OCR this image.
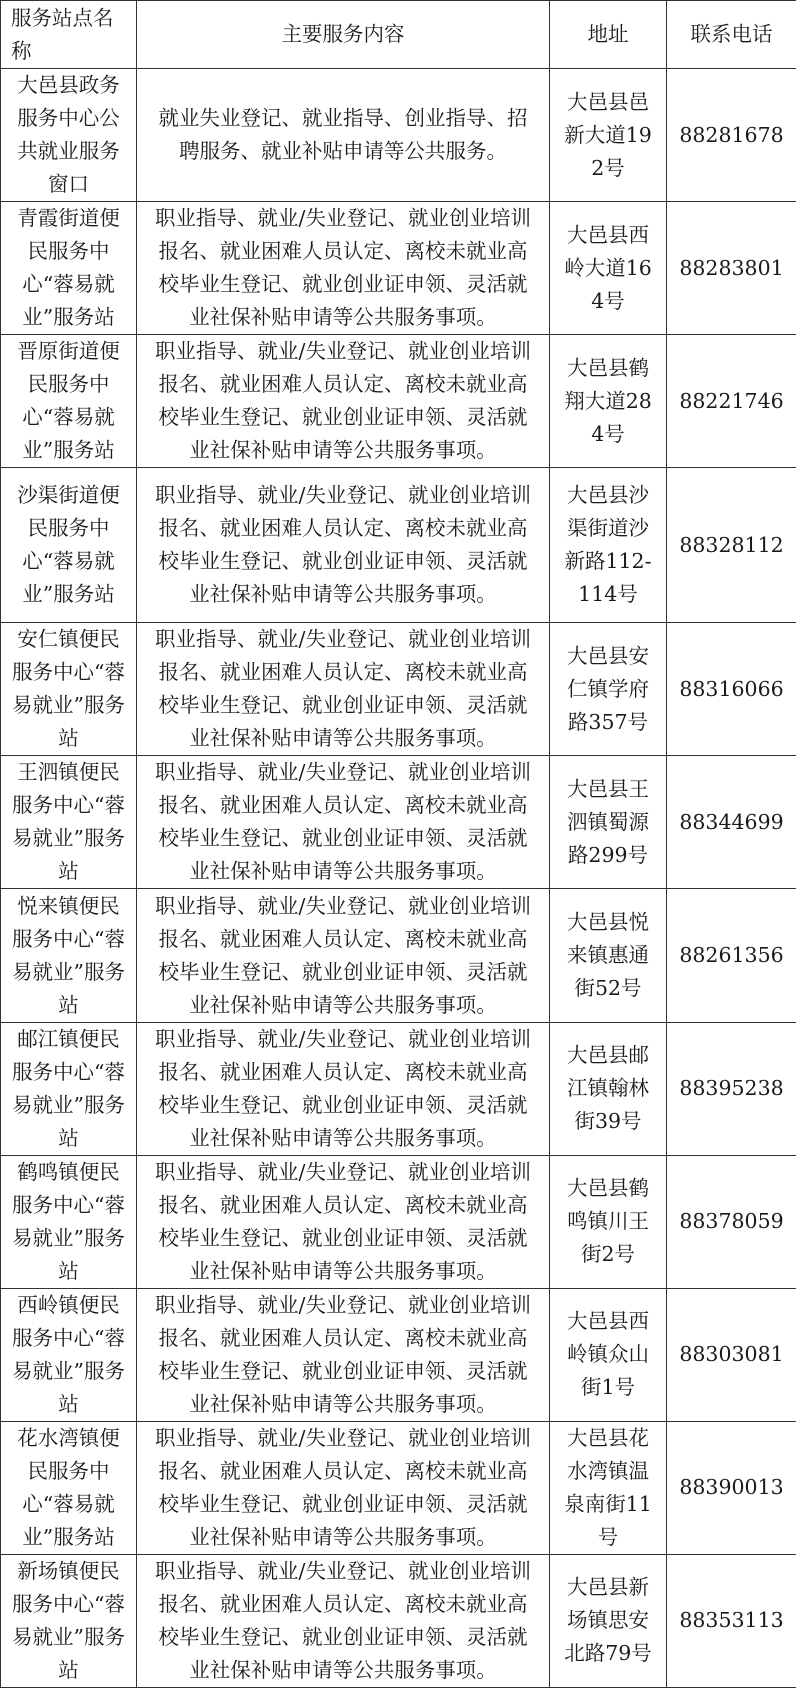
服务站点名称	主要服务内容	地址	联系电话
大邑县政务服务中心公共就业服务窗口	就业失业登记、就业指导、创业指导、招聘服务、就业补贴申请等公共服务。	大邑县邑新大道192号	88281678
青霞街道便民服务中心“蓉易就业”服务站	职业指导、就业/失业登记、就业创业培训报名、就业困难人员认定、离校未就业高校毕业生登记、就业创业证申领、灵活就业社保补贴申请等公共服务事项。	大邑县西岭大道164号	88283801
晋原街道便民服务中心“蓉易就业”服务站	职业指导、就业/失业登记、就业创业培训报名、就业困难人员认定、离校未就业高校毕业生登记、就业创业证申领、灵活就业社保补贴申请等公共服务事项。	大邑县鹤翔大道284号	88221746
沙渠街道便民服务中心“蓉易就业”服务站	职业指导、就业/失业登记、就业创业培训报名、就业困难人员认定、离校未就业高校毕业生登记、就业创业证申领、灵活就业社保补贴申请等公共服务事项。	大邑县沙渠街道沙新路112-114号	88328112
安仁镇便民服务中心“蓉易就业”服务站	职业指导、就业/失业登记、就业创业培训报名、就业困难人员认定、离校未就业高校毕业生登记、就业创业证申领、灵活就业社保补贴申请等公共服务事项。	大邑县安仁镇学府路357号	88316066
王泗镇便民服务中心“蓉易就业”服务站	职业指导、就业/失业登记、就业创业培训报名、就业困难人员认定、离校未就业高校毕业生登记、就业创业证申领、灵活就业社保补贴申请等公共服务事项。	大邑县王泗镇蜀源路299号	88344699
悦来镇便民服务中心“蓉易就业”服务站	职业指导、就业/失业登记、就业创业培训报名、就业困难人员认定、离校未就业高校毕业生登记、就业创业证申领、灵活就业社保补贴申请等公共服务事项。	大邑县悦来镇惠通街52号	88261356
邮江镇便民服务中心“蓉易就业”服务站	职业指导、就业/失业登记、就业创业培训报名、就业困难人员认定、离校未就业高校毕业生登记、就业创业证申领、灵活就业社保补贴申请等公共服务事项。	大邑县邮江镇翰林街39号	88395238
鹤鸣镇便民服务中心“蓉易就业”服务站	职业指导、就业/失业登记、就业创业培训报名、就业困难人员认定、离校未就业高校毕业生登记、就业创业证申领、灵活就业社保补贴申请等公共服务事项。	大邑县鹤鸣镇川王街2号	88378059
西岭镇便民服务中心“蓉易就业”服务站	职业指导、就业/失业登记、就业创业培训报名、就业困难人员认定、离校未就业高校毕业生登记、就业创业证申领、灵活就业社保补贴申请等公共服务事项。	大邑县西岭镇众山街1号	88303081
花水湾镇便民服务中心“蓉易就业”服务站	职业指导、就业/失业登记、就业创业培训报名、就业困难人员认定、离校未就业高校毕业生登记、就业创业证申领、灵活就业社保补贴申请等公共服务事项。	大邑县花水湾镇温泉南街11号	88390013
新场镇便民服务中心“蓉易就业”服务站	职业指导、就业/失业登记、就业创业培训报名、就业困难人员认定、离校未就业高校毕业生登记、就业创业证申领、灵活就业社保补贴申请等公共服务事项。	大邑县新场镇思安北路79号	88353113
